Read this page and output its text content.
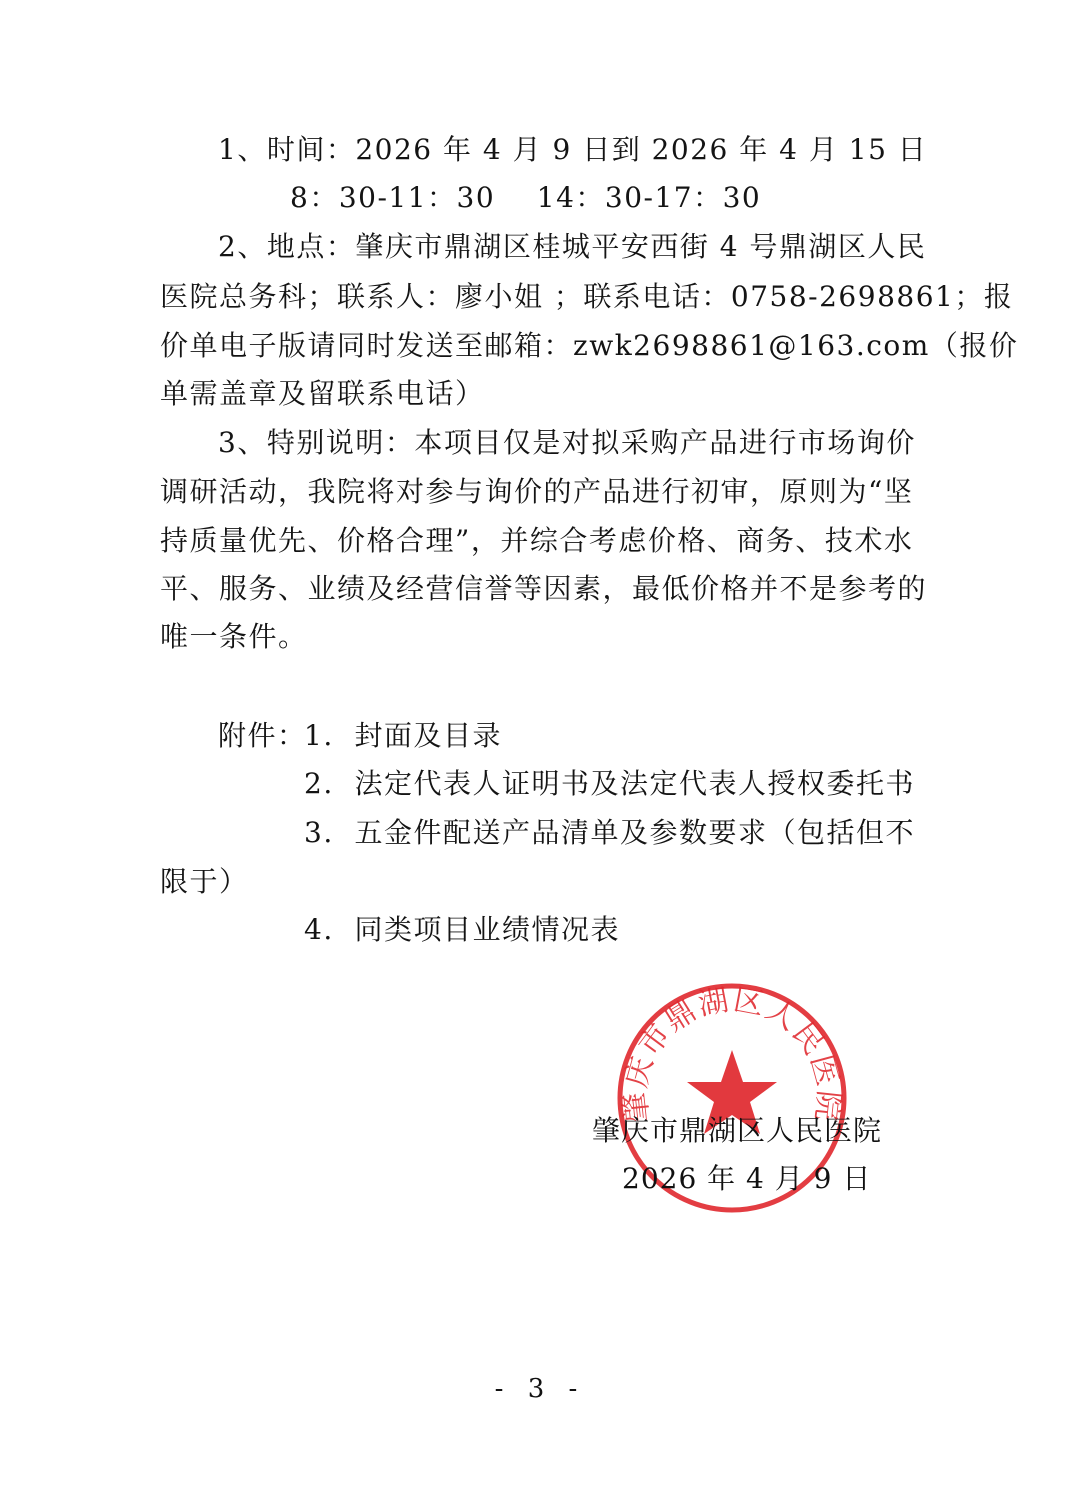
1、时间：2026 年 4 月 9 日到 2026 年 4 月 15 日
8：30-11：30    14：30-17：30
2、地点：肇庆市鼎湖区桂城平安西街 4 号鼎湖区人民
医院总务科；联系人：廖小姐 ；联系电话：0758-2698861；报
价单电子版请同时发送至邮箱：zwk2698861@163.com（报价
单需盖章及留联系电话）
3、特别说明：本项目仅是对拟采购产品进行市场询价
调研活动，我院将对参与询价的产品进行初审，原则为“坚
持质量优先、价格合理”，并综合考虑价格、商务、技术水
平、服务、业绩及经营信誉等因素，最低价格并不是参考的
唯一条件。
附件：
1.  封面及目录
2.  法定代表人证明书及法定代表人授权委托书
3.  五金件配送产品清单及参数要求（包括但不
限于）
4.  同类项目业绩情况表
肇庆市鼎湖区人民医院
肇庆市鼎湖区人民医院
2026 年 4 月 9 日
- 3 -
